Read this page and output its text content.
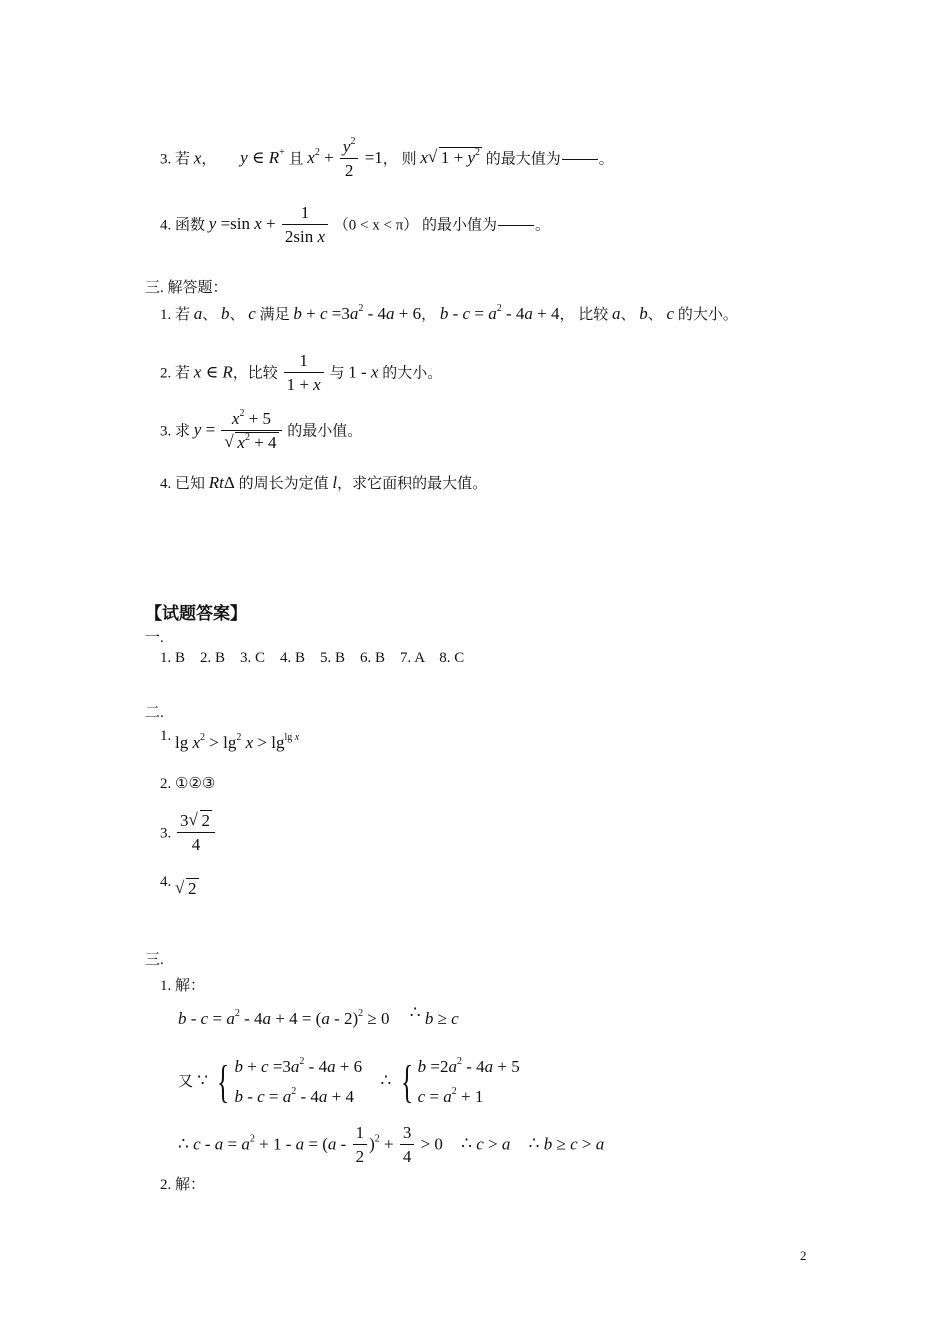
3. 若 x， y ∈ R+ 且 $x^2 + \frac{y^2}{2} =1$， 则 x √ $1 + y^2$ 的最大值为	。
4. 函数 y =sin $x + \frac{1}{\text{2sin x}} (0 < x < \pi)$ 的最小值为	。
三. 解答题：
1. 若 a、 b、 c 满足 $b + c =3a^2 - 4a + 6$， $b - c = a^2 - 4a + 4$， 比较 a、 b、 c 的大小。
2. 若 x ∈ R，比较 $\frac{1}{1 + x}$ 与 1 - x 的大小。
3. 求 $y = x^2 + 5$
√ $x^2 + 4$ 的最小值。
4. 已知 RtΔ 的周长为定值 l，求它面积的最大值。
【试题答案】
一.
1. B    2. B    3. C    4. B    5. B    6. B    7. A    8. C
二.
1. $\lg x^2 > \lg^2 x > \lg^{lg x}$
2. ①②③
3. $\frac{3 √ 2}{4}$
4. √ 2
三.
1. 解：
$b - c = a^2 - 4a + 4 = (a - 2)^2 \ge 0$ ∴ b ≥ c
又 ∵ { $b + c =3a^2 - 4a + 6$
$b - c = a^2 - 4a + 4$ ∴ { $b =2a^2 - 4a + 5$
$c = a^2 + 1$
∴ $c - a = a^2 + 1 - a = (a - \frac{1}{2} )^2 + \frac{3}{4} > 0$ ∴ c > a ∴ b ≥ c > a
2. 解：
2
